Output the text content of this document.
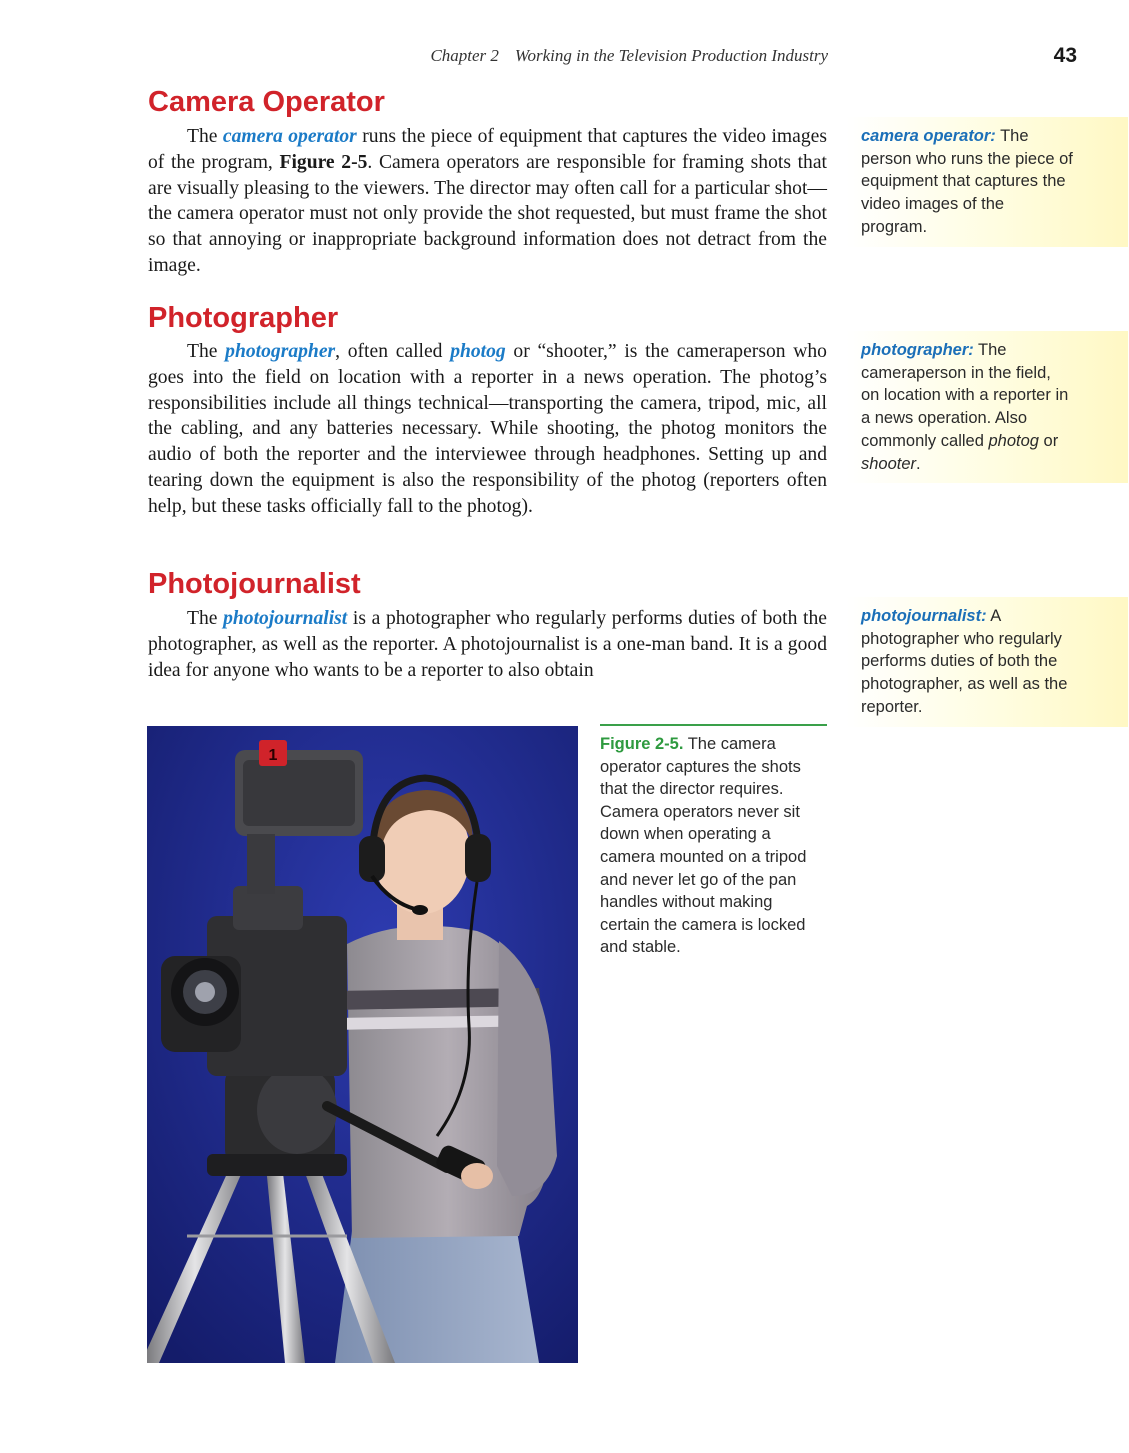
Chapter 2 Working in the Television Production Industry	43
Camera Operator

The camera operator runs the piece of equipment that captures the video images of the program, Figure 2-5. Camera operators are responsible for framing shots that are visually pleasing to the viewers. The director may often call for a particular shot—the camera operator must not only provide the shot requested, but must frame the shot so that annoying or inappropriate background information does not detract from the image.

camera operator: The person who runs the piece of equipment that captures the video images of the program.
Photographer

The photographer, often called photog or “shooter,” is the cameraperson who goes into the field on location with a reporter in a news operation. The photog’s responsibilities include all things technical—transporting the camera, tripod, mic, all the cabling, and any batteries necessary. While shooting, the photog monitors the audio of both the reporter and the interviewee through headphones. Setting up and tearing down the equipment is also the responsibility of the photog (reporters often help, but these tasks officially fall to the photog).

photographer: The cameraperson in the field, on location with a reporter in a news operation. Also commonly called photog or shooter.
Photojournalist

The photojournalist is a photographer who regularly performs duties of both the photographer, as well as the reporter. A photojournalist is a one-man band. It is a good idea for anyone who wants to be a reporter to also obtain

photojournalist: A photographer who regularly performs duties of both the photographer, as well as the reporter.
1

Figure 2-5. The camera operator captures the shots that the director requires. Camera operators never sit down when operating a camera mounted on a tripod and never let go of the pan handles without making certain the camera is locked and stable.
